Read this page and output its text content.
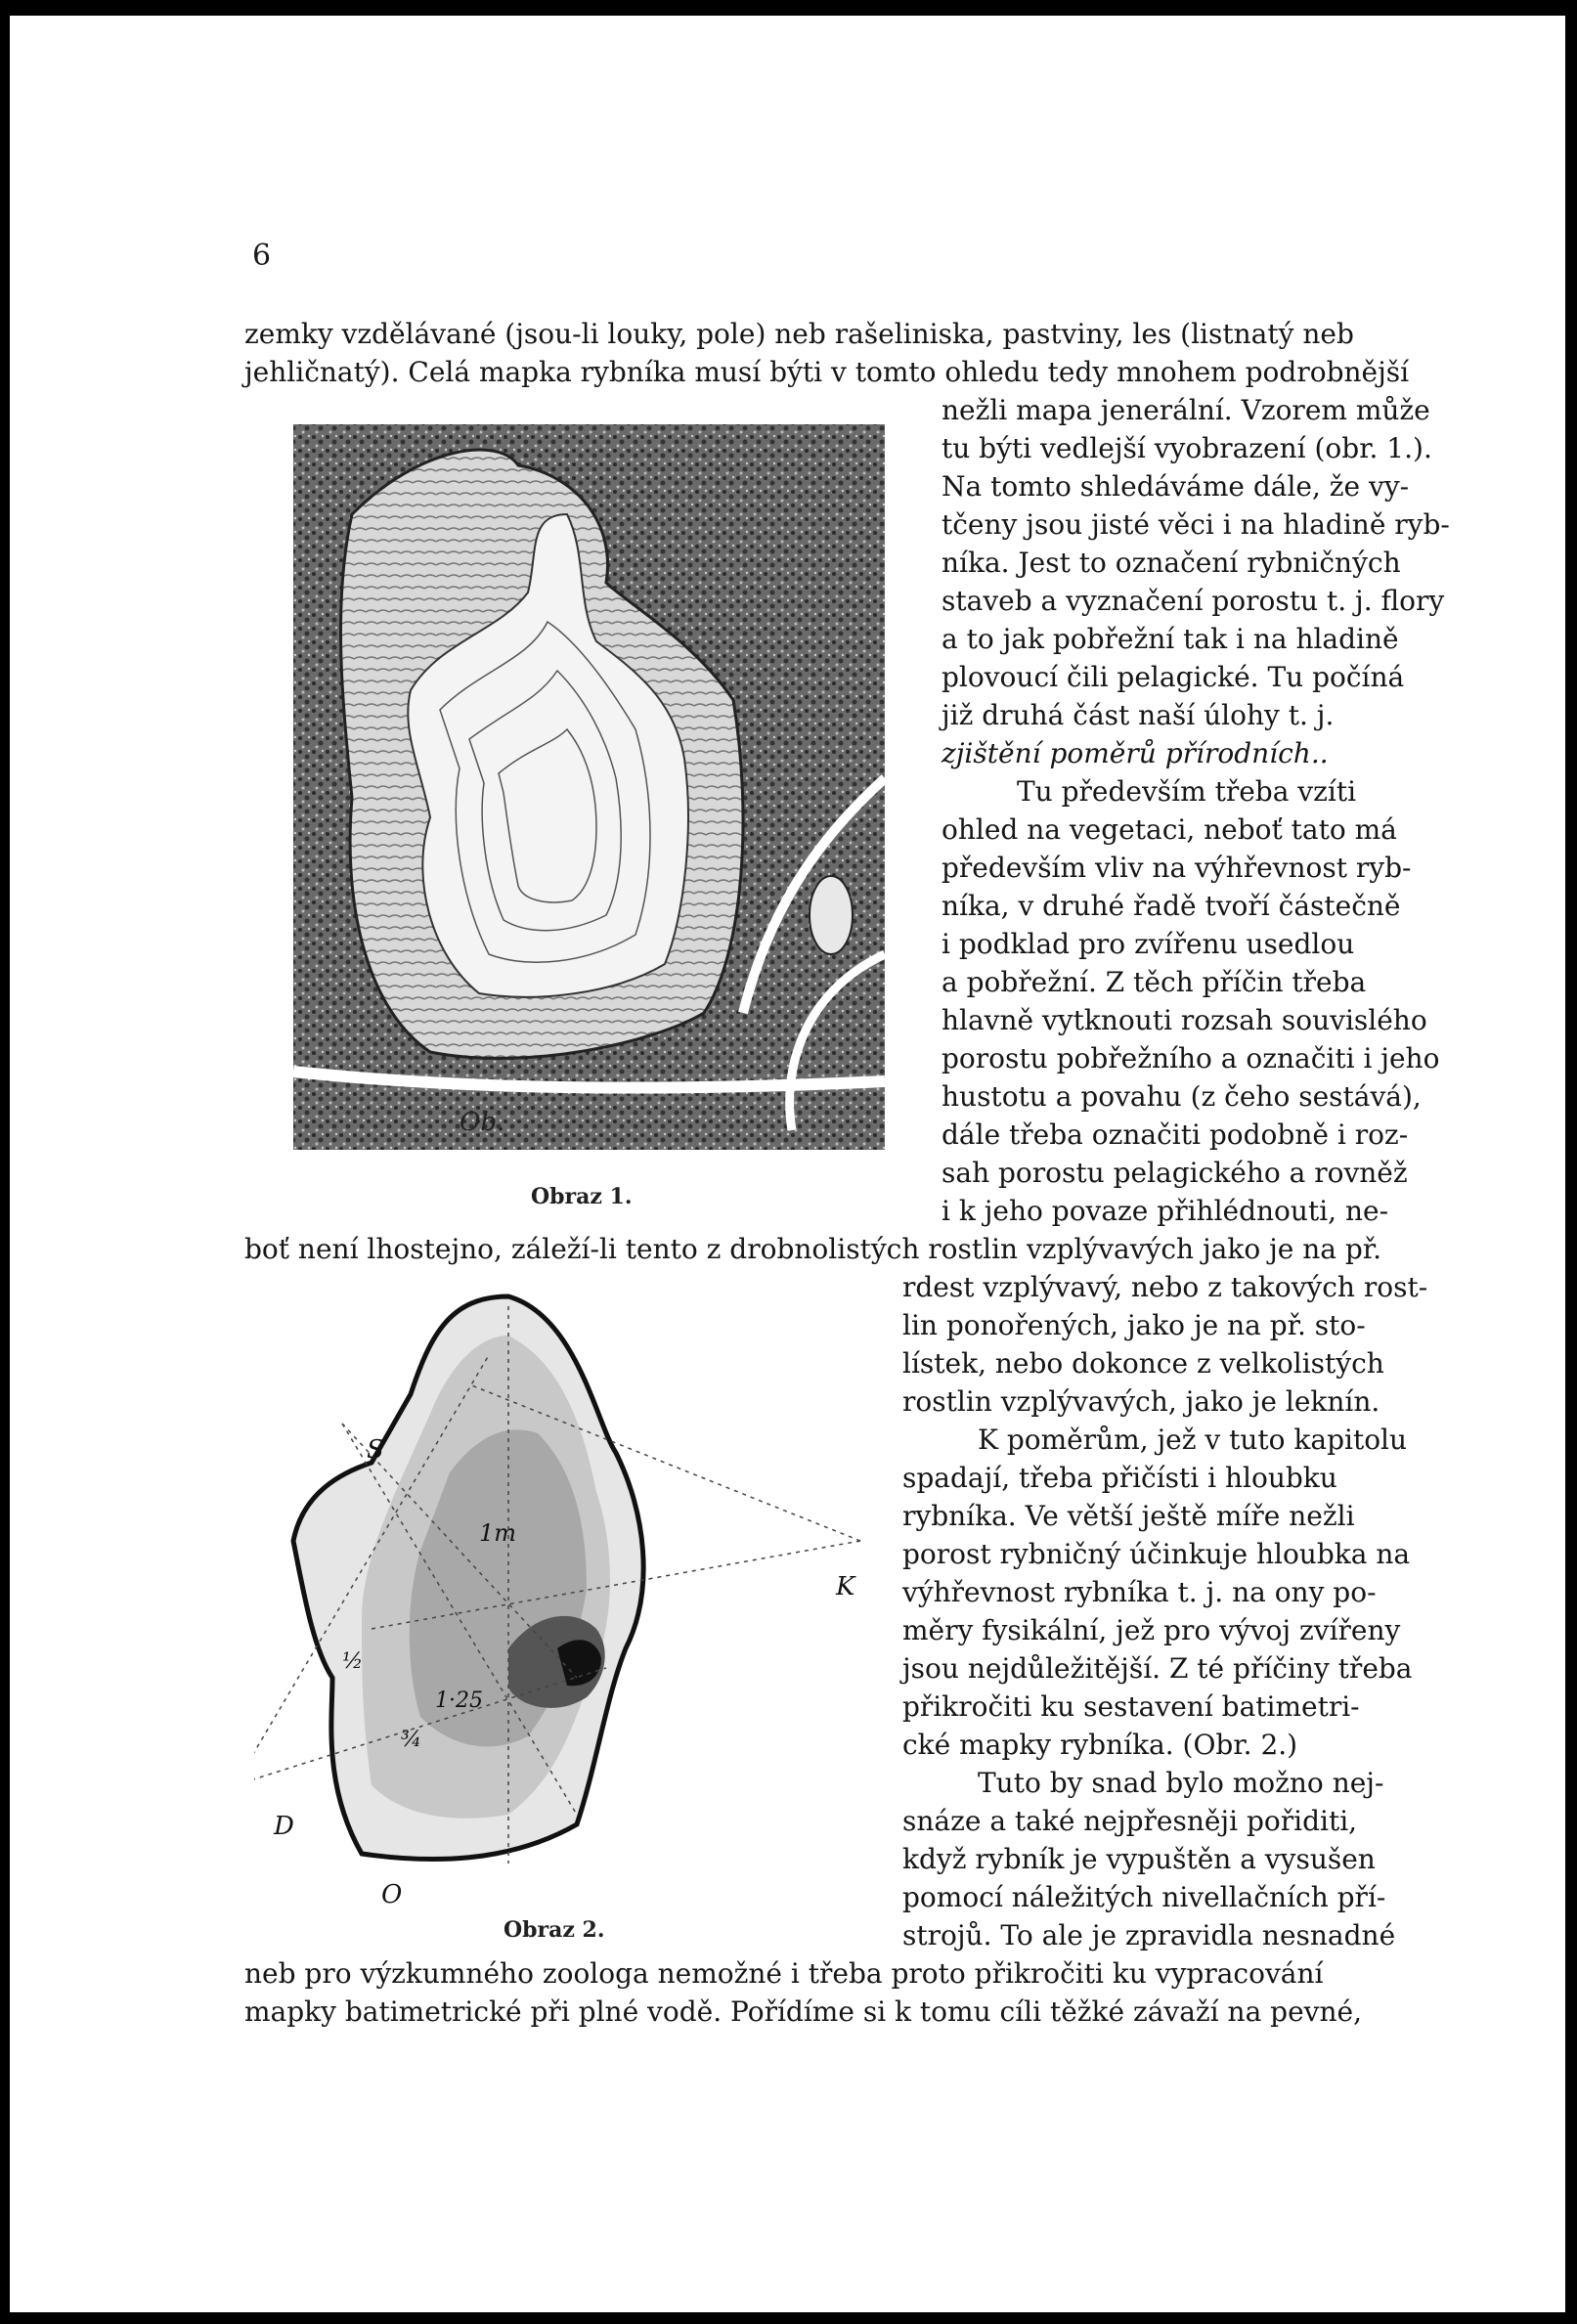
6
Ob.
Obraz 1.
S
K
D
O
1m
1·25
¾
½
Obraz 2.
zemky vzdělávané (jsou-li louky, pole) neb rašeliniska, pastviny, les (listnatý neb
jehličnatý). Celá mapka rybníka musí býti v tomto ohledu tedy mnohem podrobnější
nežli mapa jenerální. Vzorem může
tu býti vedlejší vyobrazení (obr. 1.).
Na tomto shledáváme dále, že vy-
tčeny jsou jisté věci i na hladině ryb-
níka. Jest to označení rybničných
staveb a vyznačení porostu t. j. flory
a to jak pobřežní tak i na hladině
plovoucí čili pelagické. Tu počíná
již druhá část naší úlohy t. j.
zjištění poměrů přírodních..
Tu především třeba vzíti
ohled na vegetaci, neboť tato má
především vliv na výhřevnost ryb-
níka, v druhé řadě tvoří částečně
i podklad pro zvířenu usedlou
a pobřežní. Z těch příčin třeba
hlavně vytknouti rozsah souvislého
porostu pobřežního a označiti i jeho
hustotu a povahu (z čeho sestává),
dále třeba označiti podobně i roz-
sah porostu pelagického a rovněž
i k jeho povaze přihlédnouti, ne-
boť není lhostejno, záleží-li tento z drobnolistých rostlin vzplývavých jako je na př.
rdest vzplývavý, nebo z takových rost-
lin ponořených, jako je na př. sto-
lístek, nebo dokonce z velkolistých
rostlin vzplývavých, jako je leknín.
K poměrům, jež v tuto kapitolu
spadají, třeba přičísti i hloubku
rybníka. Ve větší ještě míře nežli
porost rybničný účinkuje hloubka na
výhřevnost rybníka t. j. na ony po-
měry fysikální, jež pro vývoj zvířeny
jsou nejdůležitější. Z té příčiny třeba
přikročiti ku sestavení batimetri-
cké mapky rybníka. (Obr. 2.)
Tuto by snad bylo možno nej-
snáze a také nejpřesněji pořiditi,
když rybník je vypuštěn a vysušen
pomocí náležitých nivellačních pří-
strojů. To ale je zpravidla nesnadné
neb pro výzkumného zoologa nemožné i třeba proto přikročiti ku vypracování
mapky batimetrické při plné vodě. Pořídíme si k tomu cíli těžké závaží na pevné,
